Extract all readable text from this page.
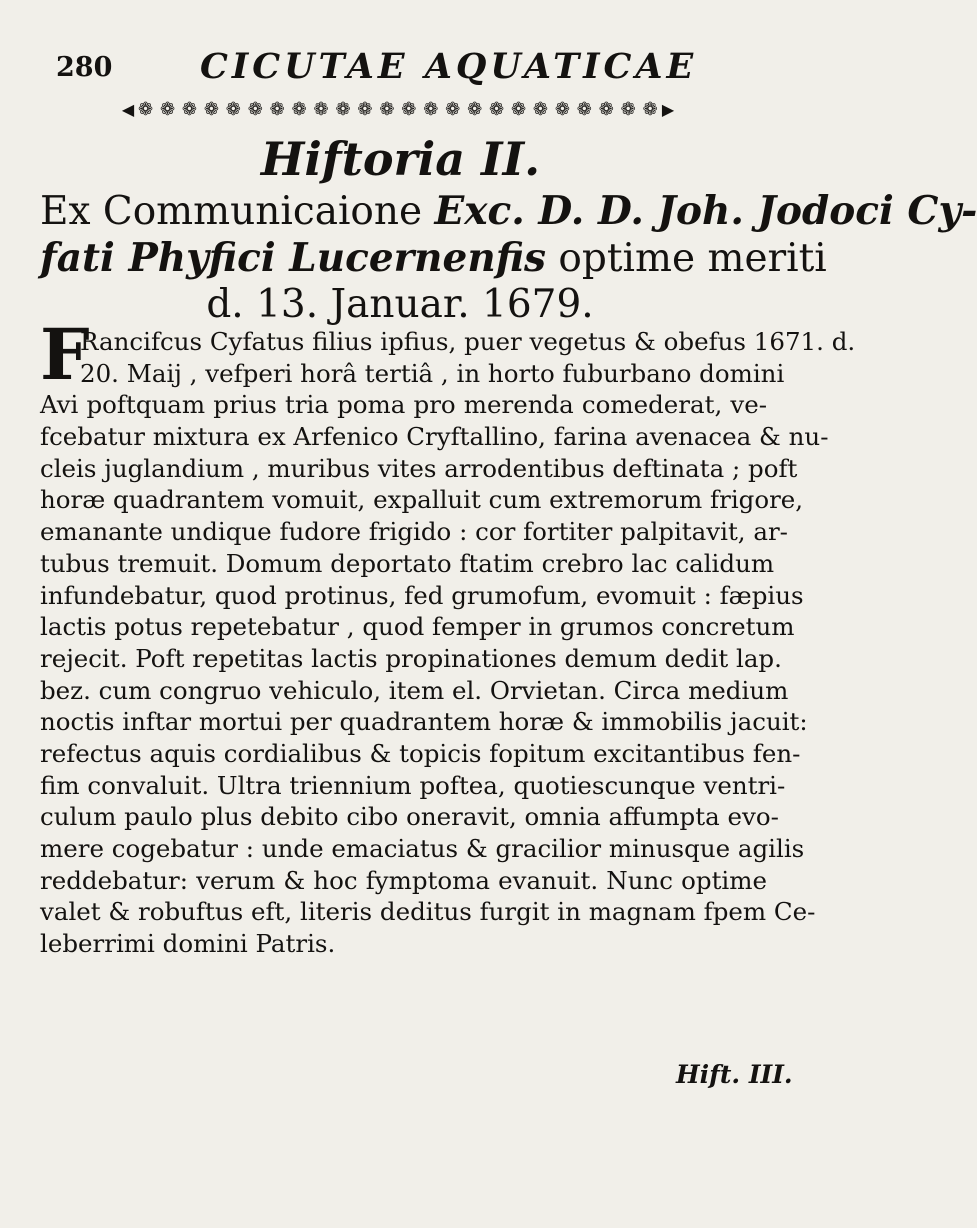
280	CICUTAE AQUATICAE
◀ ❁ ❁ ❁ ❁ ❁ ❁ ❁ ❁ ❁ ❁ ❁ ❁ ❁ ❁ ❁ ❁ ❁ ❁ ❁ ❁ ❁ ❁ ❁ ❁ ▶
Hiftoria II.
Ex Communicaione Exc. D. D. Joh. Jodoci Cy-
fati Phyfici Lucernenfis optime meriti
d. 13. Januar. 1679.
F
Rancifcus Cyfatus filius ipfius, puer vegetus & obefus 1671. d.
20. Maij , vefperi horâ tertiâ , in horto fuburbano domini
Avi poftquam prius tria poma pro merenda comederat, ve-
fcebatur mixtura ex Arfenico Cryftallino, farina avenacea & nu-
cleis juglandium , muribus vites arrodentibus deftinata ; poft
horæ quadrantem vomuit, expalluit cum extremorum frigore,
emanante undique fudore frigido : cor fortiter palpitavit, ar-
tubus tremuit. Domum deportato ftatim crebro lac calidum
infundebatur, quod protinus, fed grumofum, evomuit : fæpius
lactis potus repetebatur , quod femper in grumos concretum
rejecit. Poft repetitas lactis propinationes demum dedit lap.
bez. cum congruo vehiculo, item el. Orvietan. Circa medium
noctis inftar mortui per quadrantem horæ & immobilis jacuit:
refectus aquis cordialibus & topicis fopitum excitantibus fen-
fim convaluit. Ultra triennium poftea, quotiescunque ventri-
culum paulo plus debito cibo oneravit, omnia affumpta evo-
mere cogebatur : unde emaciatus & gracilior minusque agilis
reddebatur: verum & hoc fymptoma evanuit. Nunc optime
valet & robuftus eft, literis deditus furgit in magnam fpem Ce-
leberrimi domini Patris.
Hift. III.
